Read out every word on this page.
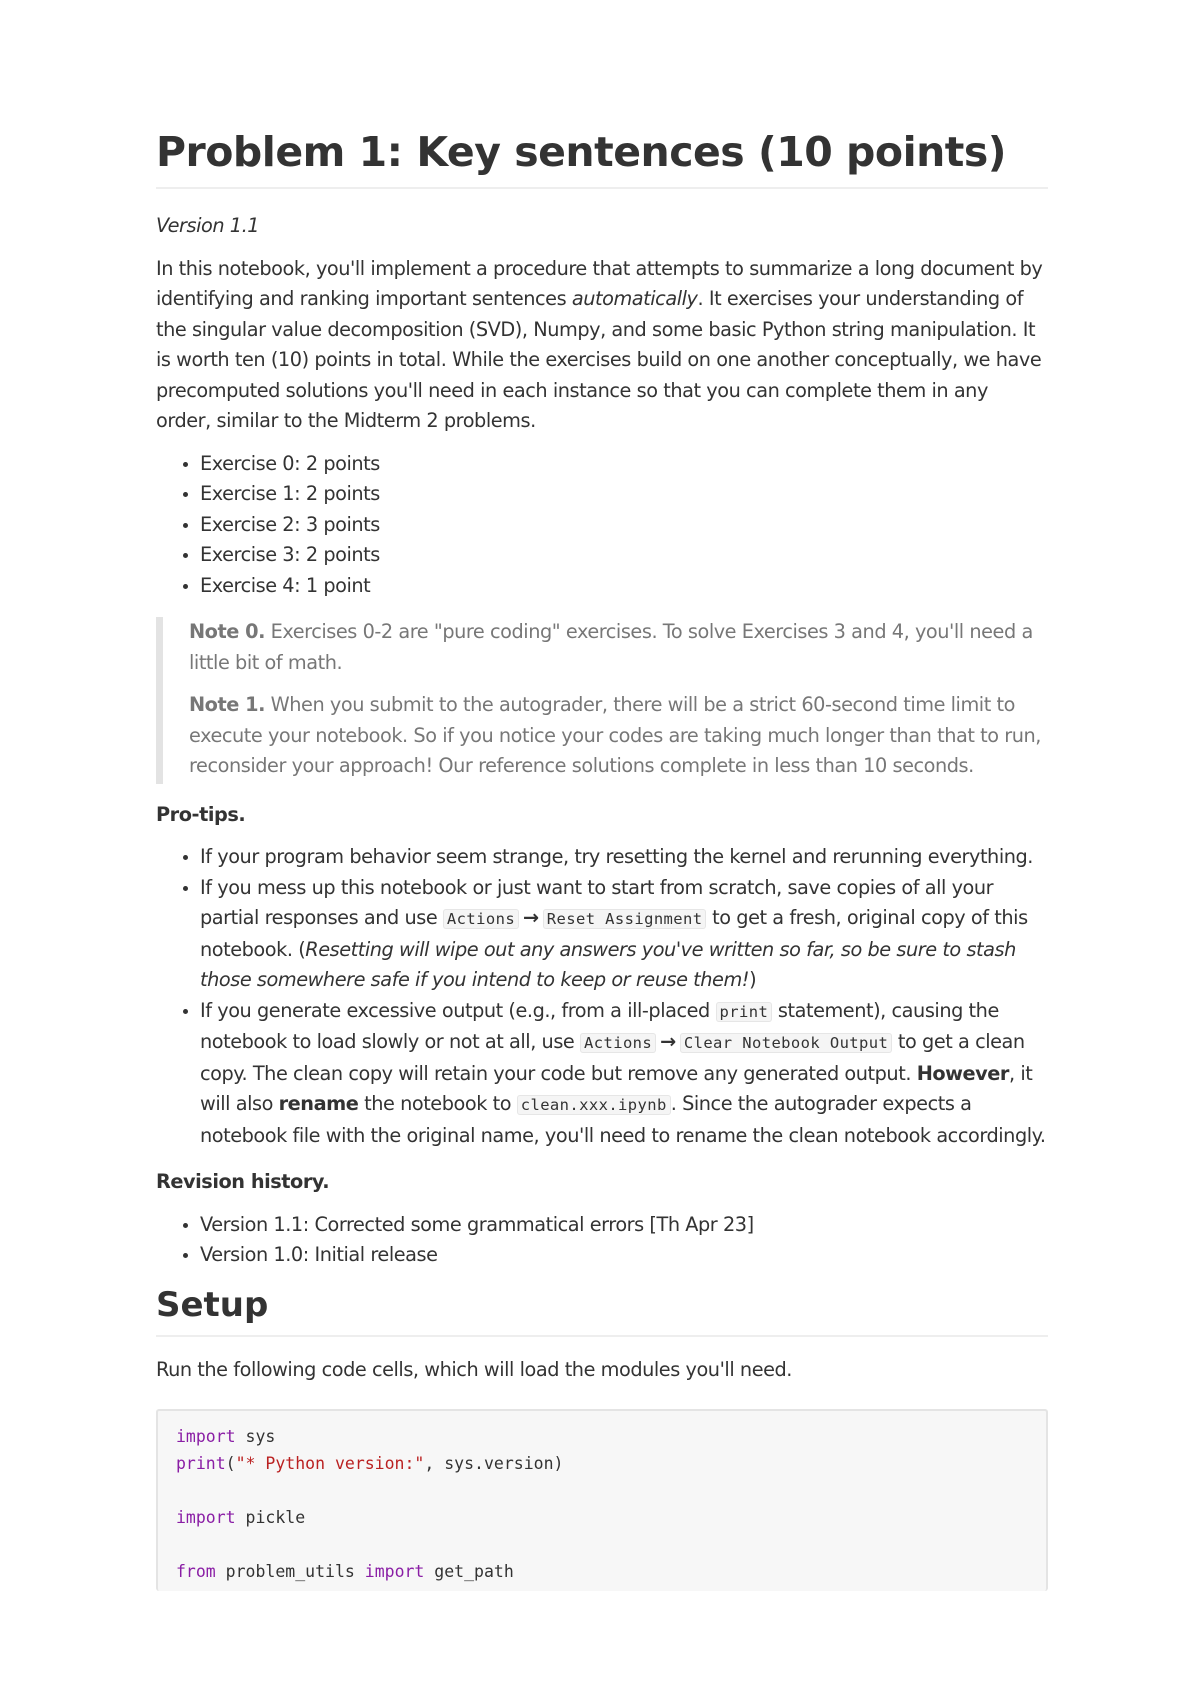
Problem 1: Key sentences (10 points)

Version 1.1

In this notebook, you'll implement a procedure that attempts to summarize a long document by identifying and ranking important sentences automatically. It exercises your understanding of the singular value decomposition (SVD), Numpy, and some basic Python string manipulation. It is worth ten (10) points in total. While the exercises build on one another conceptually, we have precomputed solutions you'll need in each instance so that you can complete them in any order, similar to the Midterm 2 problems.

• Exercise 0: 2 points
• Exercise 1: 2 points
• Exercise 2: 3 points
• Exercise 3: 2 points
• Exercise 4: 1 point

Note 0. Exercises 0-2 are "pure coding" exercises. To solve Exercises 3 and 4, you'll need a little bit of math.

Note 1. When you submit to the autograder, there will be a strict 60-second time limit to execute your notebook. So if you notice your codes are taking much longer than that to run, reconsider your approach! Our reference solutions complete in less than 10 seconds.

Pro-tips.

• If your program behavior seem strange, try resetting the kernel and rerunning everything.
• If you mess up this notebook or just want to start from scratch, save copies of all your partial responses and use Actions → Reset Assignment to get a fresh, original copy of this notebook. (Resetting will wipe out any answers you've written so far, so be sure to stash those somewhere safe if you intend to keep or reuse them!)
• If you generate excessive output (e.g., from a ill-placed print statement), causing the notebook to load slowly or not at all, use Actions → Clear Notebook Output to get a clean copy. The clean copy will retain your code but remove any generated output. However, it will also rename the notebook to clean.xxx.ipynb . Since the autograder expects a notebook file with the original name, you'll need to rename the clean notebook accordingly.

Revision history.

• Version 1.1: Corrected some grammatical errors [Th Apr 23]
• Version 1.0: Initial release
Setup

Run the following code cells, which will load the modules you'll need.

import sys
print("* Python version:", sys.version)
import pickle
from problem_utils import get_path
